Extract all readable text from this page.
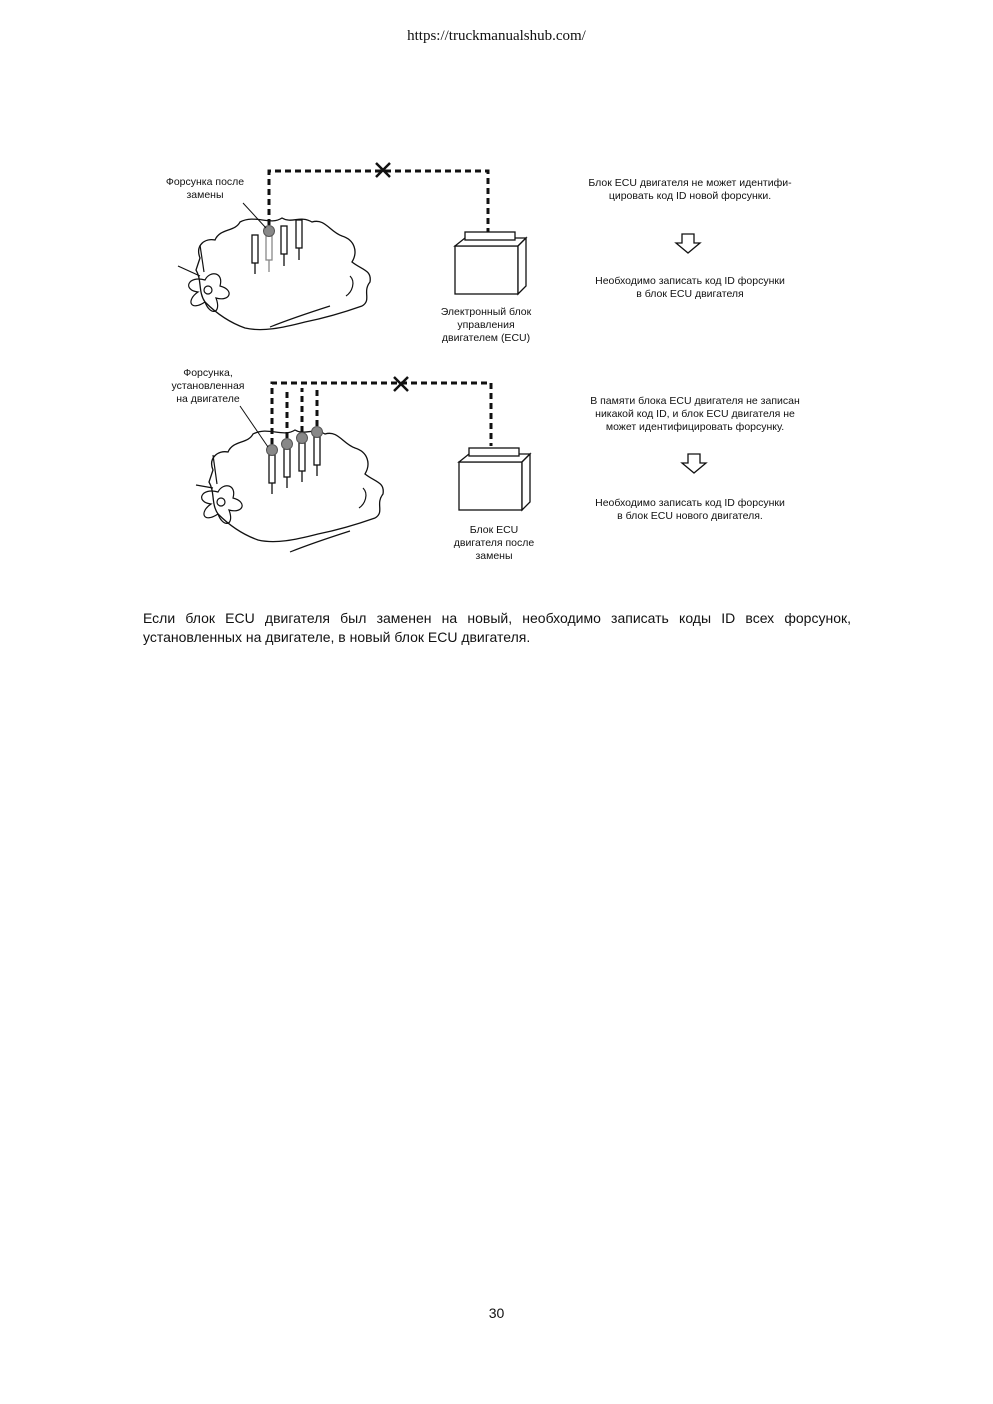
https://truckmanualshub.com/
Форсунка после
замены
Электронный блок
управления
двигателем (ECU)
Блок ECU двигателя не может идентифи-
цировать код ID новой форсунки.
Необходимо записать код ID форсунки
в блок ECU двигателя
Форсунка,
установленная
на двигателе
Блок ECU
двигателя после
замены
В памяти блока ECU двигателя не записан
никакой код ID, и блок ECU двигателя не
может идентифицировать форсунку.
Необходимо записать код ID форсунки
в блок ECU нового двигателя.
Если блок ECU двигателя был заменен на новый, необходимо записать коды ID всех форсунок, установленных на двигателе, в новый блок ECU двигателя.
30
